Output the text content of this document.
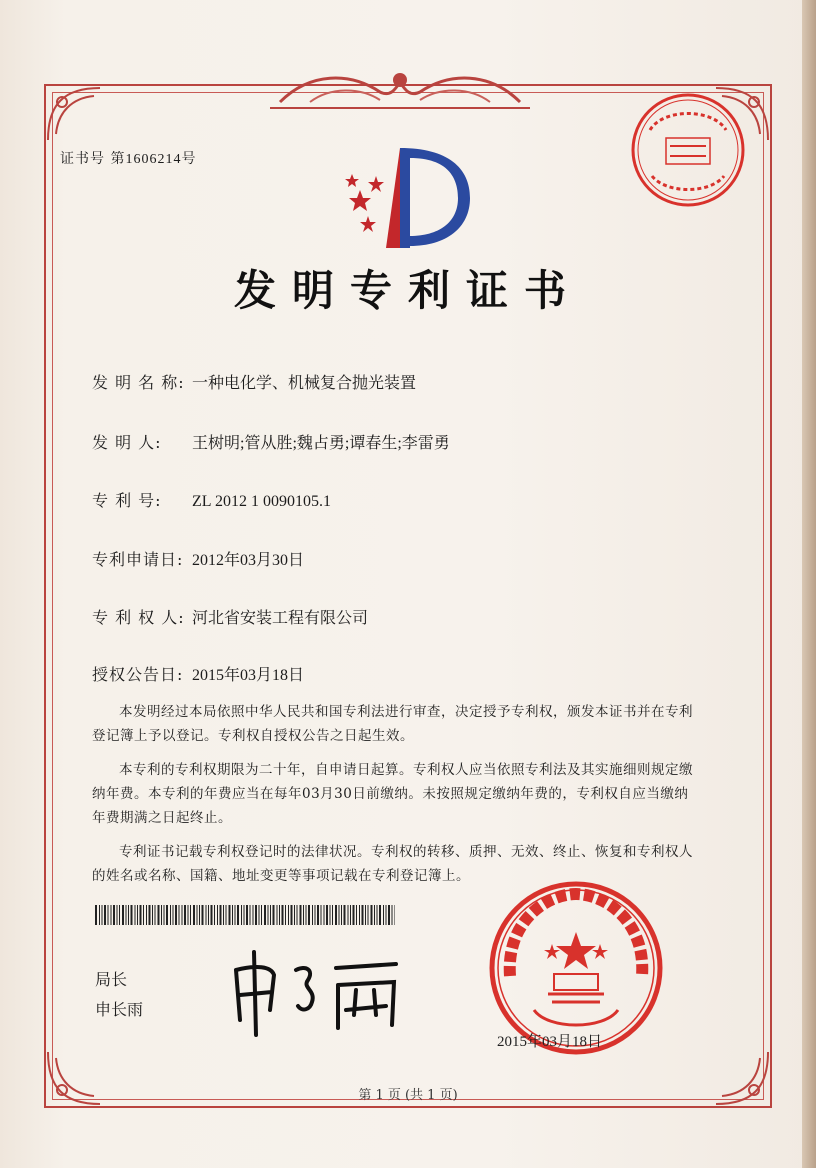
证书号 第1606214号
发明专利证书
发 明 名 称: 一种电化学、机械复合抛光装置
发 明 人: 王树明;管从胜;魏占勇;谭春生;李雷勇
专 利 号: ZL 2012 1 0090105.1
专利申请日: 2012年03月30日
专 利 权 人: 河北省安装工程有限公司
授权公告日: 2015年03月18日

本发明经过本局依照中华人民共和国专利法进行审查，决定授予专利权，颁发本证书并在专利登记簿上予以登记。专利权自授权公告之日起生效。

本专利的专利权期限为二十年，自申请日起算。专利权人应当依照专利法及其实施细则规定缴纳年费。本专利的年费应当在每年03月30日前缴纳。未按照规定缴纳年费的，专利权自应当缴纳年费期满之日起终止。

专利证书记载专利权登记时的法律状况。专利权的转移、质押、无效、终止、恢复和专利权人的姓名或名称、国籍、地址变更等事项记载在专利登记簿上。

局长
申长雨
2015年03月18日
第 1 页 (共 1 页)
